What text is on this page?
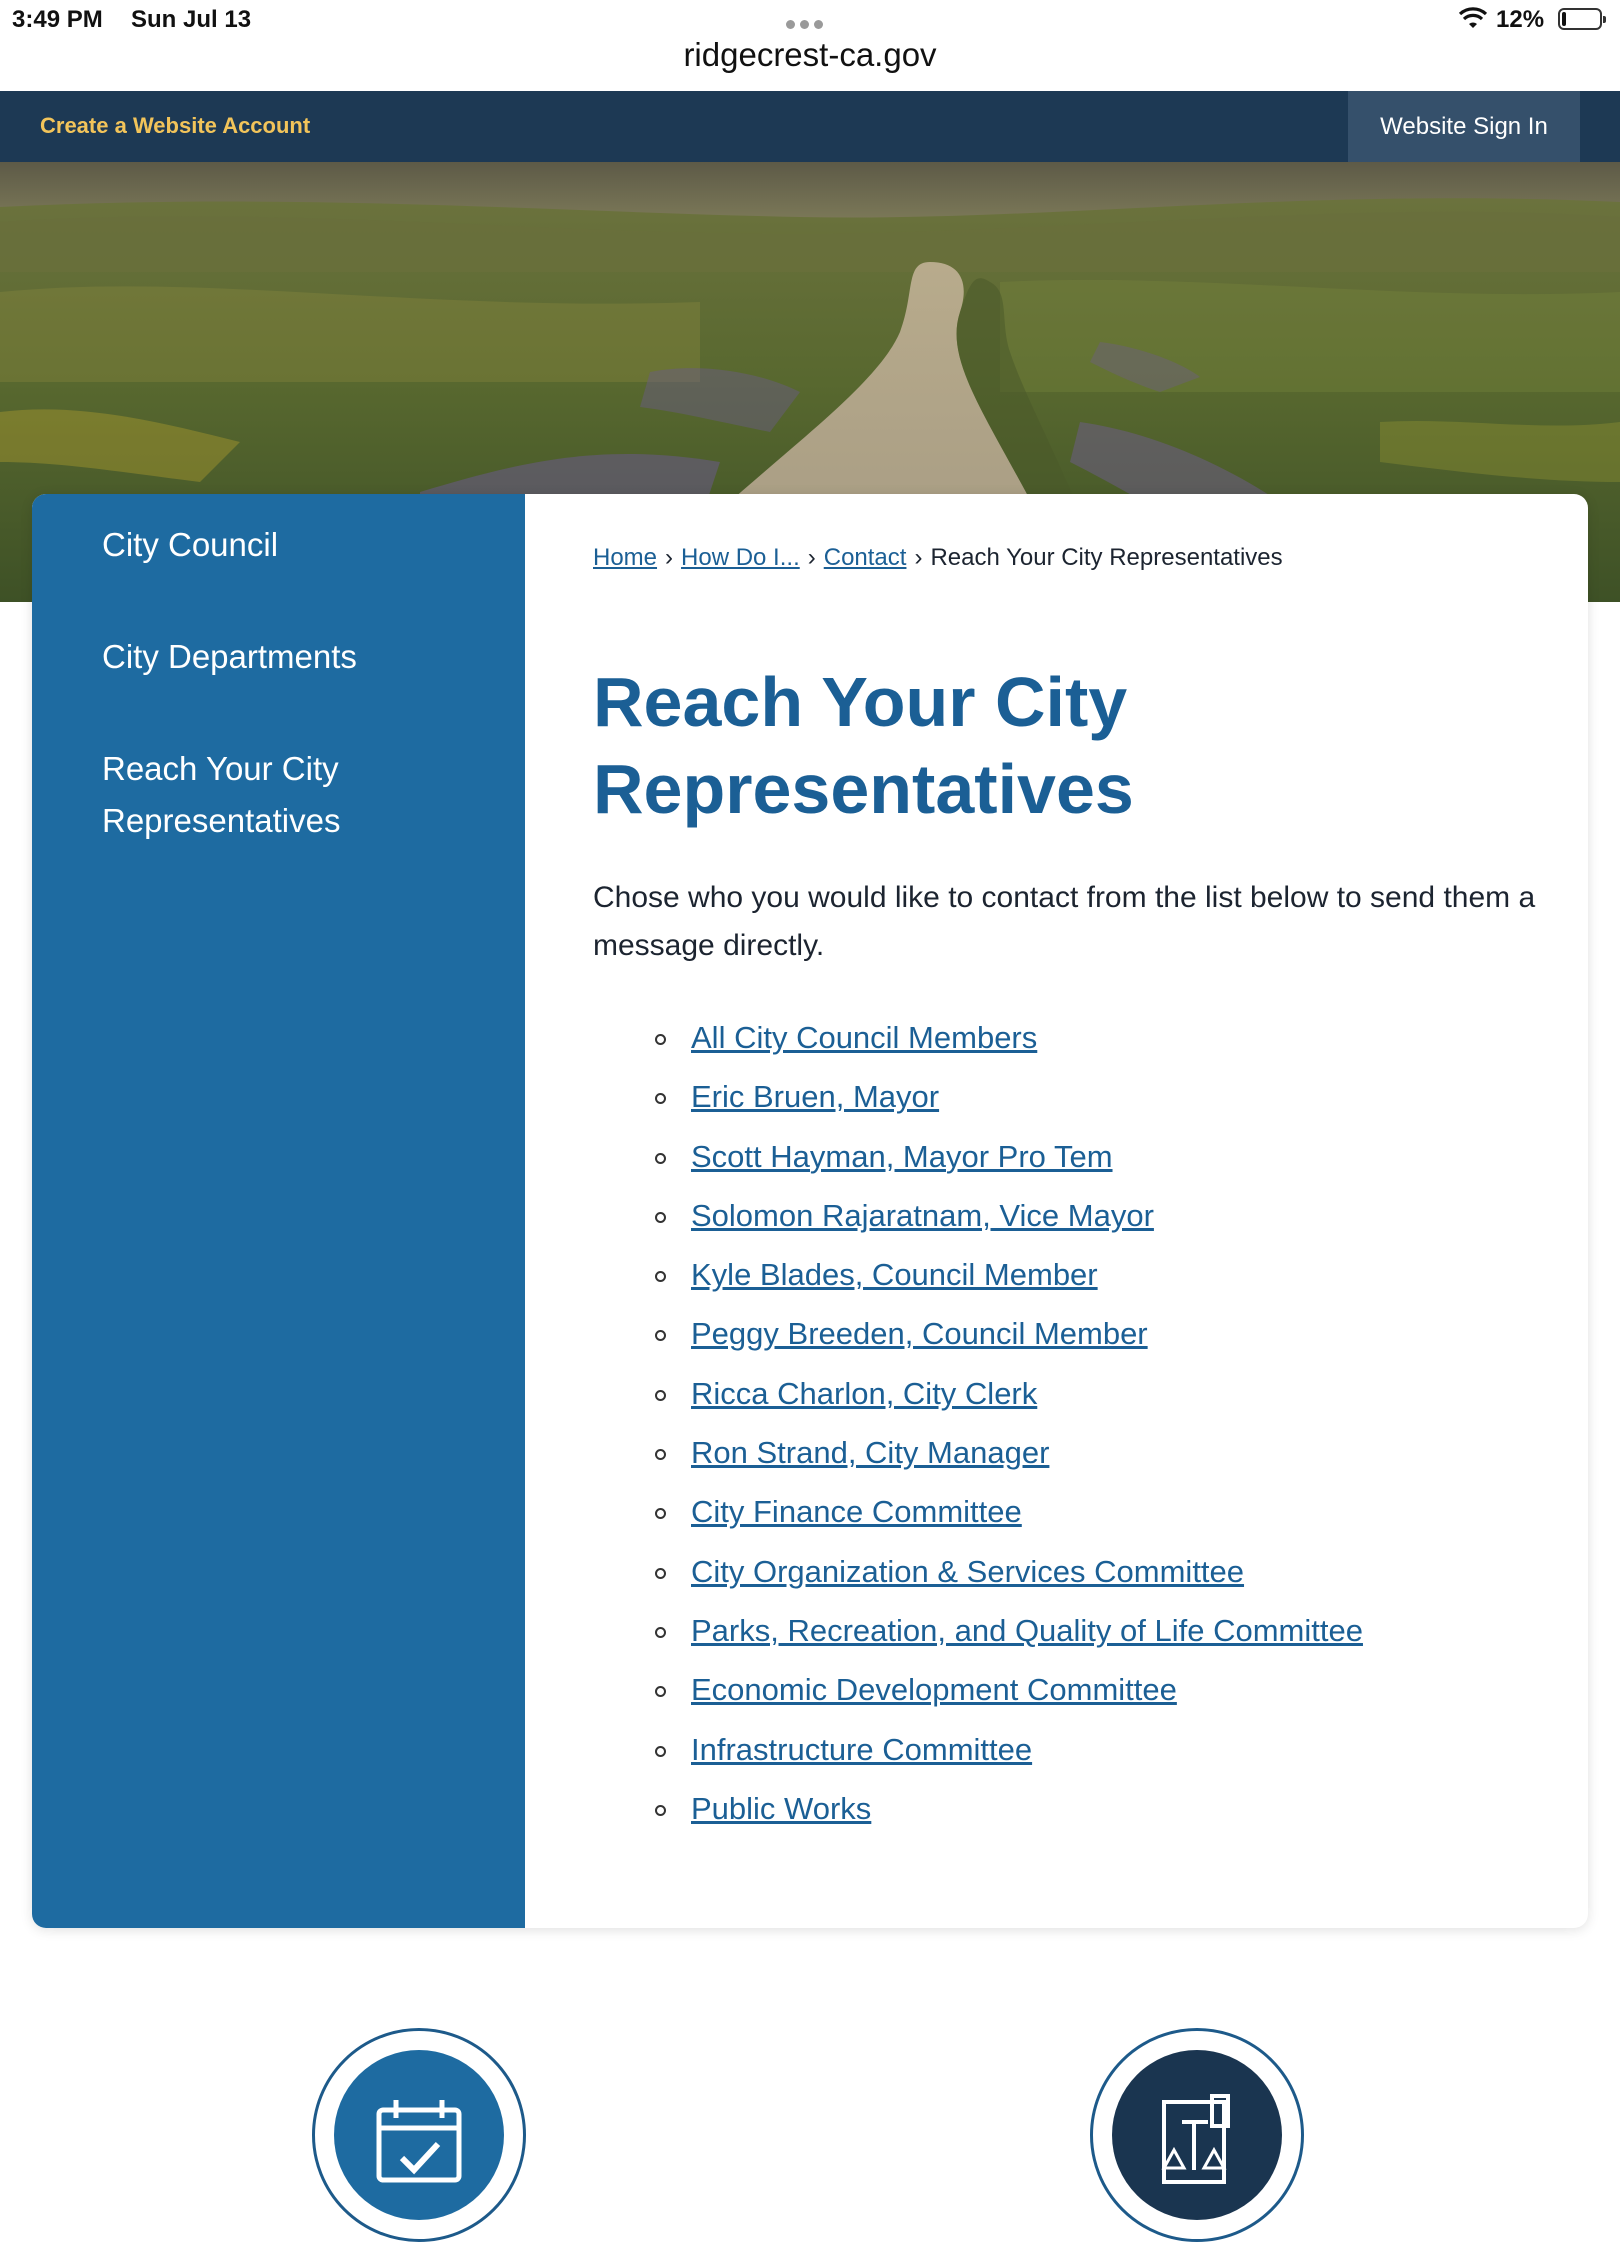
3:49 PM Sun Jul 13
ridgecrest-ca.gov
12%
Create a Website Account	Website Sign In
City Council
City Departments
Reach Your City Representatives
Home › How Do I... › Contact › Reach Your City Representatives
Reach Your City Representatives

Chose who you would like to contact from the list below to send them a message directly.

All City Council Members
Eric Bruen, Mayor
Scott Hayman, Mayor Pro Tem
Solomon Rajaratnam, Vice Mayor
Kyle Blades, Council Member
Peggy Breeden, Council Member
Ricca Charlon, City Clerk
Ron Strand, City Manager
City Finance Committee
City Organization & Services Committee
Parks, Recreation, and Quality of Life Committee
Economic Development Committee
Infrastructure Committee
Public Works
